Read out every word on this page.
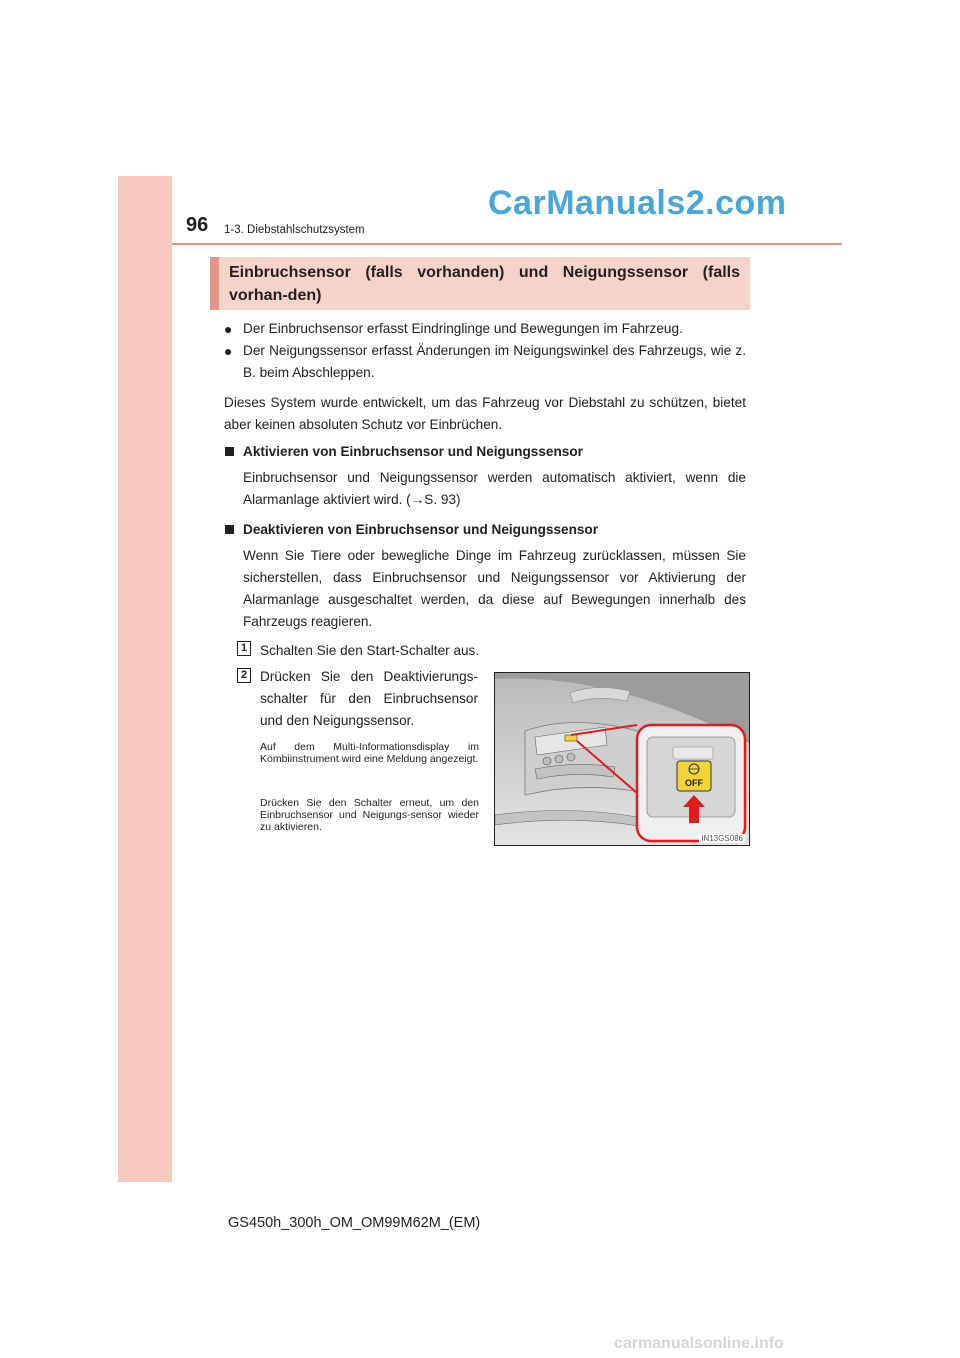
96 1-3. Diebstahlschutzsystem
CarManuals2.com
Einbruchsensor (falls vorhanden) und Neigungssensor (falls vorhan-den)
● Der Einbruchsensor erfasst Eindringlinge und Bewegungen im Fahrzeug.
● Der Neigungssensor erfasst Änderungen im Neigungswinkel des Fahrzeugs, wie z. B. beim Abschleppen.
Dieses System wurde entwickelt, um das Fahrzeug vor Diebstahl zu schützen, bietet aber keinen absoluten Schutz vor Einbrüchen.
Aktivieren von Einbruchsensor und Neigungssensor
Einbruchsensor und Neigungssensor werden automatisch aktiviert, wenn die Alarmanlage aktiviert wird. (→S. 93)
Deaktivieren von Einbruchsensor und Neigungssensor
Wenn Sie Tiere oder bewegliche Dinge im Fahrzeug zurücklassen, müssen Sie sicherstellen, dass Einbruchsensor und Neigungssensor vor Aktivierung der Alarmanlage ausgeschaltet werden, da diese auf Bewegungen innerhalb des Fahrzeugs reagieren.
1 Schalten Sie den Start-Schalter aus.
2 Drücken Sie den Deaktivierungs-
schalter für den Einbruchsensor
und den Neigungssensor.
Auf dem Multi-Informationsdisplay im Kombiinstrument wird eine Meldung angezeigt.
Drücken Sie den Schalter erneut, um den Einbruchsensor und Neigungs-sensor wieder zu aktivieren.
OFF
IN13GS086
GS450h_300h_OM_OM99M62M_(EM)
carmanualsonline.info
